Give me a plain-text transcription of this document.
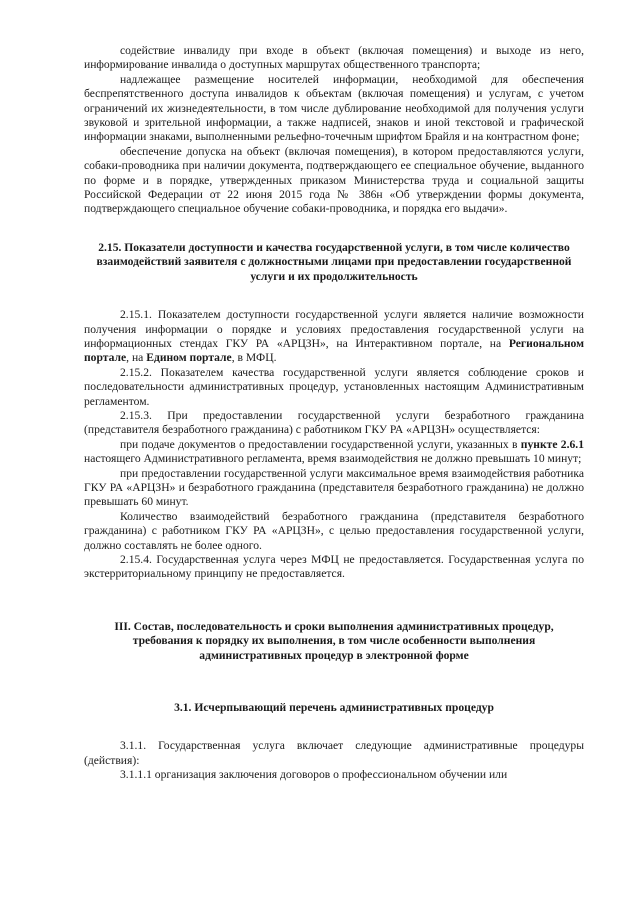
содействие инвалиду при входе в объект (включая помещения) и выходе из него, информирование инвалида о доступных маршрутах общественного транспорта;

надлежащее размещение носителей информации, необходимой для обеспечения беспрепятственного доступа инвалидов к объектам (включая помещения) и услугам, с учетом ограничений их жизнедеятельности, в том числе дублирование необходимой для получения услуги звуковой и зрительной информации, а также надписей, знаков и иной текстовой и графической информации знаками, выполненными рельефно-точечным шрифтом Брайля и на контрастном фоне;

обеспечение допуска на объект (включая помещения), в котором предоставляются услуги, собаки-проводника при наличии документа, подтверждающего ее специальное обучение, выданного по форме и в порядке, утвержденных приказом Министерства труда и социальной защиты Российской Федерации от 22 июня 2015 года № 386н «Об утверждении формы документа, подтверждающего специальное обучение собаки-проводника, и порядка его выдачи».

2.15. Показатели доступности и качества государственной услуги, в том числе количество взаимодействий заявителя с должностными лицами при предоставлении государственной услуги и их продолжительность

2.15.1. Показателем доступности государственной услуги является наличие возможности получения информации о порядке и условиях предоставления государственной услуги на информационных стендах ГКУ РА «АРЦЗН», на Интерактивном портале, на Региональном портале, на Едином портале, в МФЦ.

2.15.2. Показателем качества государственной услуги является соблюдение сроков и последовательности административных процедур, установленных настоящим Административным регламентом.

2.15.3. При предоставлении государственной услуги безработного гражданина (представителя безработного гражданина) с работником ГКУ РА «АРЦЗН» осуществляется:

при подаче документов о предоставлении государственной услуги, указанных в пункте 2.6.1 настоящего Административного регламента, время взаимодействия не должно превышать 10 минут;

при предоставлении государственной услуги максимальное время взаимодействия работника ГКУ РА «АРЦЗН» и безработного гражданина (представителя безработного гражданина) не должно превышать 60 минут.

Количество взаимодействий безработного гражданина (представителя безработного гражданина) с работником ГКУ РА «АРЦЗН», с целью предоставления государственной услуги, должно составлять не более одного.

2.15.4. Государственная услуга через МФЦ не предоставляется. Государственная услуга по экстерриториальному принципу не предоставляется.

III. Состав, последовательность и сроки выполнения административных процедур, требования к порядку их выполнения, в том числе особенности выполнения административных процедур в электронной форме
3.1. Исчерпывающий перечень административных процедур

3.1.1. Государственная услуга включает следующие административные процедуры (действия):

3.1.1.1 организация заключения договоров о профессиональном обучении или
